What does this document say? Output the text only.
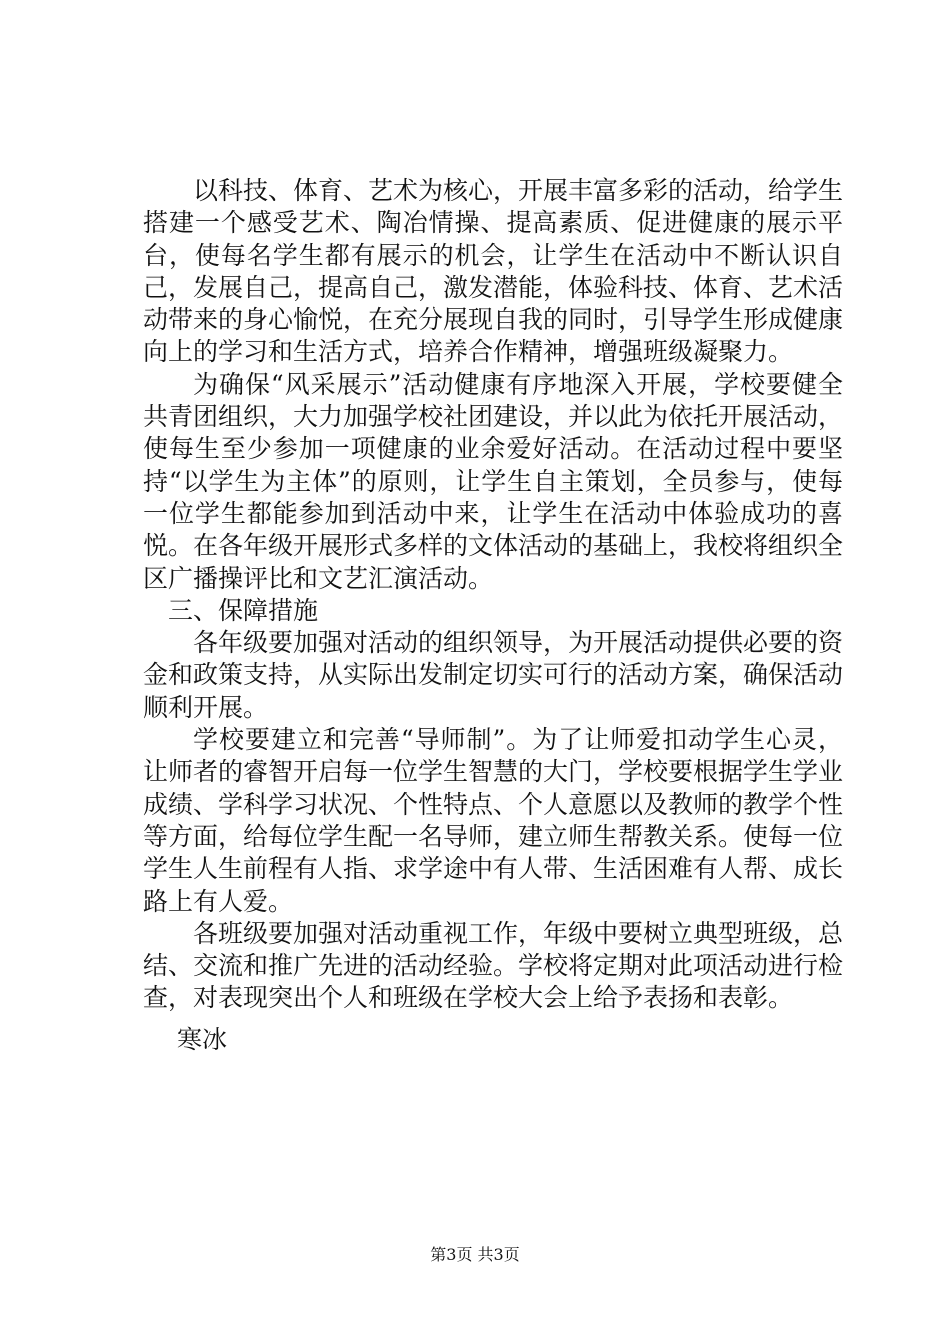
以科技、体育、艺术为核心，开展丰富多彩的活动，给学生搭建一个感受艺术、陶冶情操、提高素质、促进健康的展示平台，使每名学生都有展示的机会，让学生在活动中不断认识自己，发展自己，提高自己，激发潜能，体验科技、体育、艺术活动带来的身心愉悦，在充分展现自我的同时，引导学生形成健康向上的学习和生活方式，培养合作精神，增强班级凝聚力。

为确保“风采展示”活动健康有序地深入开展，学校要健全共青团组织，大力加强学校社团建设，并以此为依托开展活动，使每生至少参加一项健康的业余爱好活动。在活动过程中要坚持“以学生为主体”的原则，让学生自主策划，全员参与，使每一位学生都能参加到活动中来，让学生在活动中体验成功的喜悦。在各年级开展形式多样的文体活动的基础上，我校将组织全区广播操评比和文艺汇演活动。

三、保障措施

各年级要加强对活动的组织领导，为开展活动提供必要的资金和政策支持，从实际出发制定切实可行的活动方案，确保活动顺利开展。

学校要建立和完善“导师制”。为了让师爱扣动学生心灵，让师者的睿智开启每一位学生智慧的大门，学校要根据学生学业成绩、学科学习状况、个性特点、个人意愿以及教师的教学个性等方面，给每位学生配一名导师，建立师生帮教关系。使每一位学生人生前程有人指、求学途中有人带、生活困难有人帮、成长路上有人爱。

各班级要加强对活动重视工作，年级中要树立典型班级，总结、交流和推广先进的活动经验。学校将定期对此项活动进行检查，对表现突出个人和班级在学校大会上给予表扬和表彰。

寒冰
第3页 共3页
